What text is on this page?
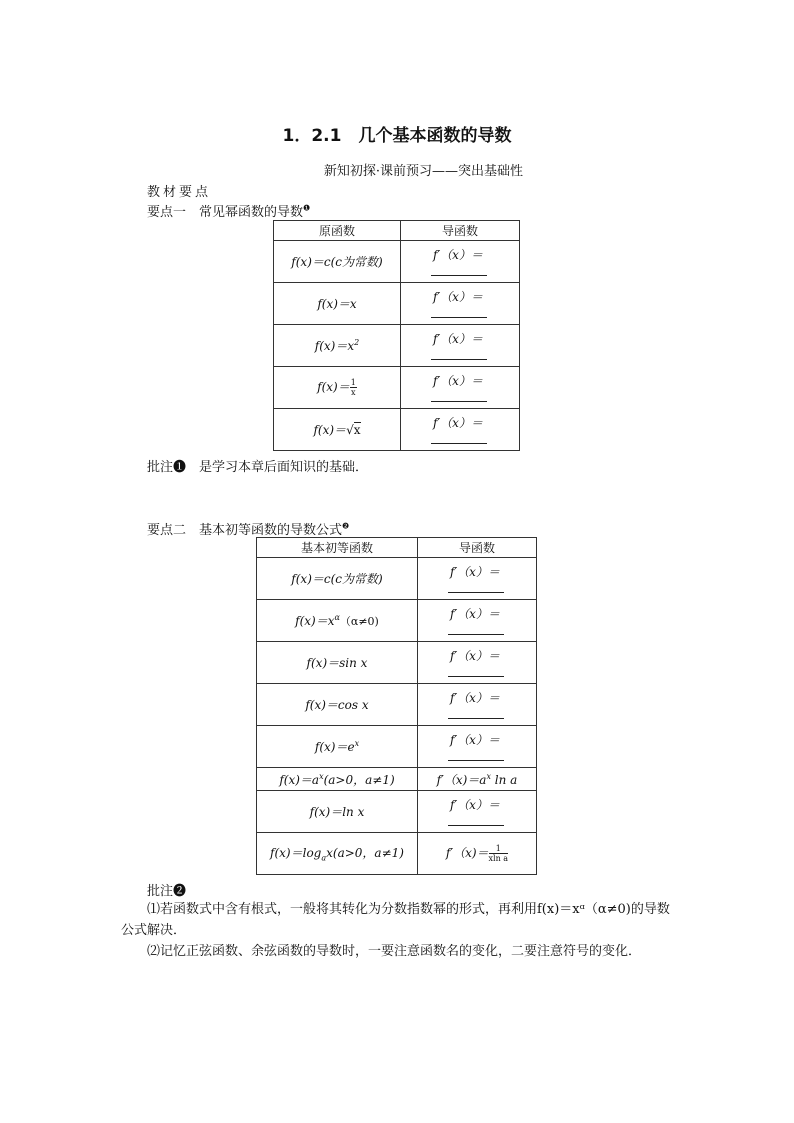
1．2.1　几个基本函数的导数
新知初探·课前预习——突出基础性
教材要点
要点一　常见幂函数的导数$^❶$
原函数	导函数
f(x)＝c(c为常数)	f′（x）＝

f(x)＝x	f′（x）＝

$f(x)=x^2$	f′（x）＝

$f(x)= \frac{1}{x}$	f′（x）＝

f(x)＝√x	f′（x）＝
批注❶　是学习本章后面知识的基础．
要点二　基本初等函数的导数公式$^❷$
基本初等函数	导函数
f(x)＝c(c为常数)	f′（x）＝

$f(x)=x^\alpha(\alpha\ne 0)$	f′（x）＝

f(x)＝sin x	f′（x）＝

f(x)＝cos x	f′（x）＝

$f(x)=e^x$	f′（x）＝

$f(x)=a^x(a>0$，a≠1)	$f'(x)=a^x$ ln a
f(x)＝ln x	f′（x）＝

$f(x)=\log_ax(a>0$，a≠1)	$f'(x)= \frac{1}{\text{xln a}}$
批注❷

⑴若函数式中含有根式，一般将其转化为分数指数幂的形式，再利用f(x)＝xᵅ（α≠0)的导数公式解决．

⑵记忆正弦函数、余弦函数的导数时，一要注意函数名的变化，二要注意符号的变化．
